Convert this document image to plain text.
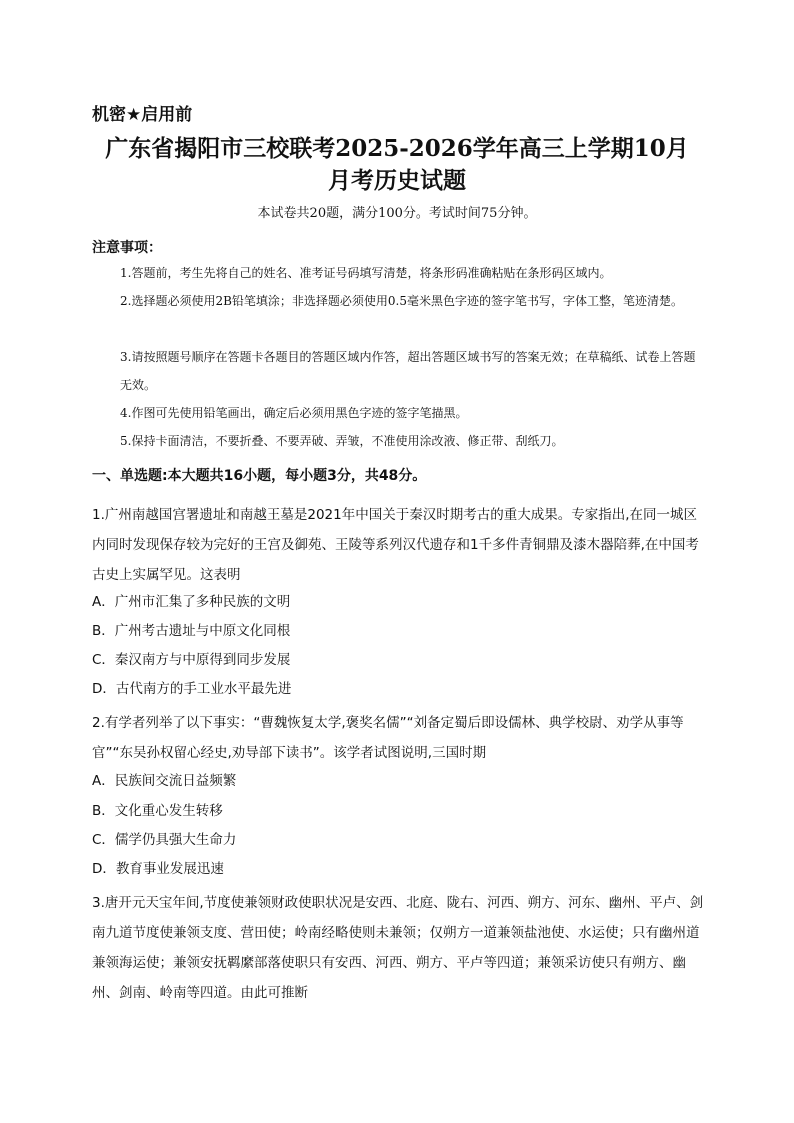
机密★启用前
广东省揭阳市三校联考2025-2026学年高三上学期10月
月考历史试题
本试卷共20题，满分100分。考试时间75分钟。
注意事项：

1.答题前，考生先将自己的姓名、准考证号码填写清楚，将条形码准确粘贴在条形码区域内。

2.选择题必须使用2B铅笔填涂；非选择题必须使用0.5毫米黑色字迹的签字笔书写，字体工整，笔迹清楚。

3.请按照题号顺序在答题卡各题目的答题区域内作答，超出答题区域书写的答案无效；在草稿纸、试卷上答题无效。

4.作图可先使用铅笔画出，确定后必须用黑色字迹的签字笔描黑。

5.保持卡面清洁，不要折叠、不要弄破、弄皱，不准使用涂改液、修正带、刮纸刀。

一、单选题:本大题共16小题，每小题3分，共48分。

1.广州南越国宫署遗址和南越王墓是2021年中国关于秦汉时期考古的重大成果。专家指出,在同一城区内同时发现保存较为完好的王宫及御苑、王陵等系列汉代遗存和1千多件青铜鼎及漆木器陪葬,在中国考古史上实属罕见。这表明

A．广州市汇集了多种民族的文明
B．广州考古遗址与中原文化同根
C．秦汉南方与中原得到同步发展
D．古代南方的手工业水平最先进

2.有学者列举了以下事实：“曹魏恢复太学,褒奖名儒”“刘备定蜀后即设儒林、典学校尉、劝学从事等官”“东吴孙权留心经史,劝导部下读书”。该学者试图说明,三国时期

A．民族间交流日益频繁
B．文化重心发生转移
C．儒学仍具强大生命力
D．教育事业发展迅速

3.唐开元天宝年间,节度使兼领财政使职状况是安西、北庭、陇右、河西、朔方、河东、幽州、平卢、剑南九道节度使兼领支度、营田使；岭南经略使则未兼领；仅朔方一道兼领盐池使、水运使；只有幽州道兼领海运使；兼领安抚羁縻部落使职只有安西、河西、朔方、平卢等四道；兼领采访使只有朔方、幽州、剑南、岭南等四道。由此可推断
